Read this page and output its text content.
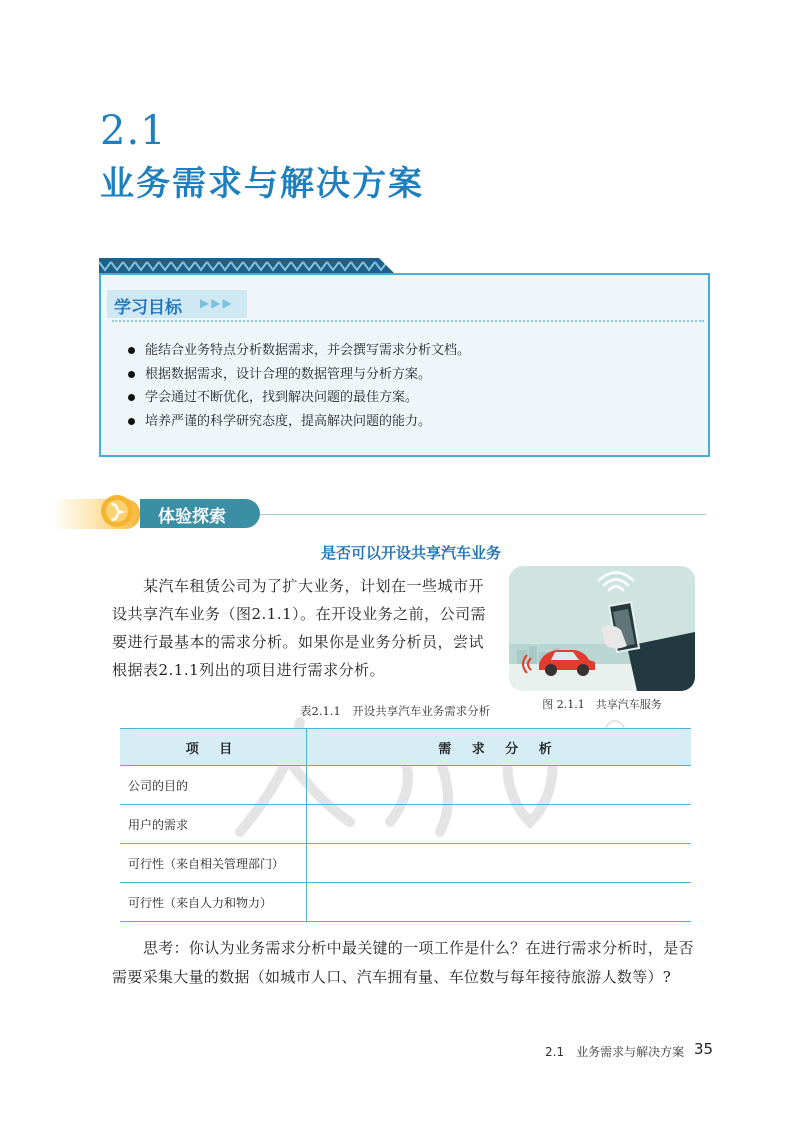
2.1
业务需求与解决方案
学习目标 ▶▶▶
能结合业务特点分析数据需求，并会撰写需求分析文档。
根据数据需求，设计合理的数据管理与分析方案。
学会通过不断优化，找到解决问题的最佳方案。
培养严谨的科学研究态度，提高解决问题的能力。
体验探索
是否可以开设共享汽车业务

某汽车租赁公司为了扩大业务，计划在一些城市开设共享汽车业务（图2.1.1）。在开设业务之前，公司需要进行最基本的需求分析。如果你是业务分析员，尝试根据表2.1.1列出的项目进行需求分析。

图 2.1.1　共享汽车服务
表2.1.1　开设共享汽车业务需求分析
项 目	需 求 分 析
公司的目的	
用户的需求	
可行性（来自相关管理部门）	
可行性（来自人力和物力）	

思考：你认为业务需求分析中最关键的一项工作是什么？在进行需求分析时，是否需要采集大量的数据（如城市人口、汽车拥有量、车位数与每年接待旅游人数等）?

2.1　业务需求与解决方案 35
